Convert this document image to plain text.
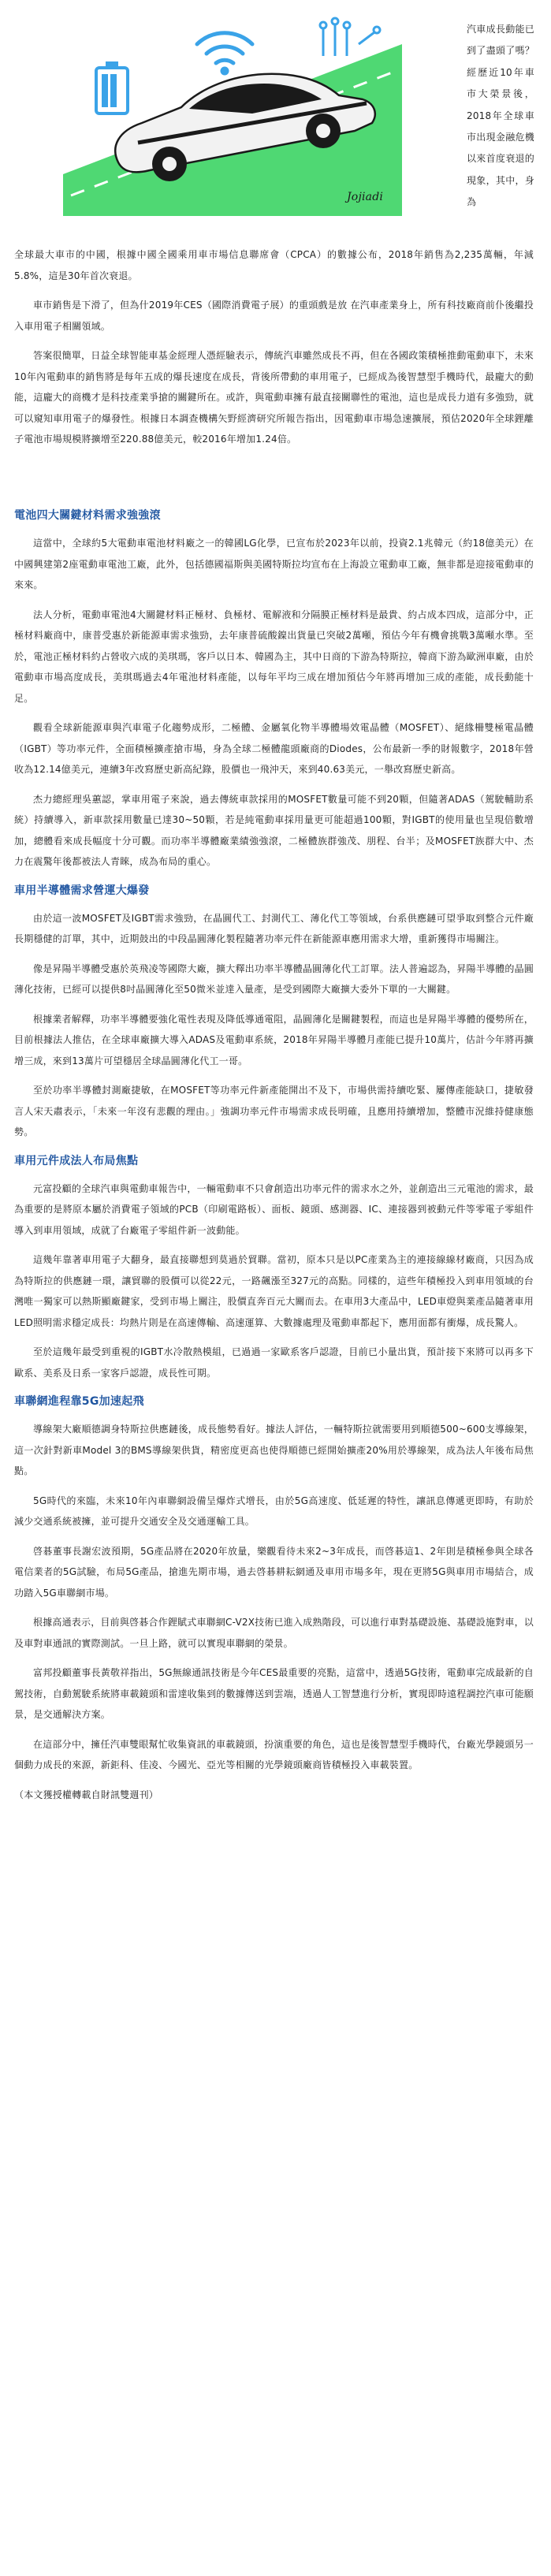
Jojiadi

汽車成長動能已到了盡頭了嗎？經歷近10年車市大榮景後，2018年全球車市出現金融危機以來首度衰退的現象，其中，身為

全球最大車市的中國，根據中國全國乘用車市場信息聯席會（CPCA）的數據公布，2018年銷售為2,235萬輛，年減5.8%，這是30年首次衰退。

車市銷售是下滑了，但為什2019年CES（國際消費電子展）的重頭戲是放 在汽車產業身上，所有科技廠商前仆後繼投入車用電子相關領域。

答案很簡單，日益全球智能車基金經理人憑經驗表示，傳統汽車雖然成長不再，但在各國政策積極推動電動車下，未來10年內電動車的銷售將是每年五成的爆長速度在成長，背後所帶動的車用電子，已經成為後智慧型手機時代，最龐大的動能，這龐大的商機才是科技產業爭搶的關鍵所在。或許，與電動車擁有最直接關聯性的電池，這也是成長力道有多強勁，就可以窺知車用電子的爆發性。根據日本調查機構矢野經濟研究所報告指出，因電動車市場急速擴展，預估2020年全球鋰離子電池市場規模將擴增至220.88億美元，較2016年增加1.24倍。

電池四大關鍵材料需求強強滾

這當中，全球約5大電動車電池材料廠之一的韓國LG化學，已宣布於2023年以前，投資2.1兆韓元（約18億美元）在中國興建第2座電動車電池工廠，此外，包括德國福斯與美國特斯拉均宣布在上海設立電動車工廠，無非都是迎接電動車的來來。

法人分析，電動車電池4大關鍵材料正極材、負極材、電解液和分隔膜正極材料是最貴、約占成本四成，這部分中，正極材料廠商中，康普受惠於新能源車需求強勁，去年康普硫酸鎳出貨量已突破2萬噸，預估今年有機會挑戰3萬噸水準。至於，電池正極材料約占營收六成的美琪瑪，客戶以日本、韓國為主，其中日商的下游為特斯拉，韓商下游為歐洲車廠，由於電動車市場高度成長，美琪瑪過去4年電池材料產能，以每年平均三成在增加預估今年將再增加三成的產能，成長動能十足。

觀看全球新能源車與汽車電子化趨勢成形，二極體、金屬氧化物半導體場效電晶體（MOSFET）、絕緣柵雙極電晶體（IGBT）等功率元件，全面積極擴產搶市場，身為全球二極體龍頭廠商的Diodes，公布最新一季的財報數字，2018年營收為12.14億美元，連續3年改寫歷史新高紀錄，股價也一飛沖天，來到40.63美元，一舉改寫歷史新高。

杰力總經理吳蕙認，掌車用電子來說，過去傳統車款採用的MOSFET數量可能不到20顆，但隨著ADAS（駕駛輔助系統）持續導入，新車款採用數量已達30~50顆，若是純電動車採用量更可能超過100顆，對IGBT的使用量也呈現倍數增加，總體看來成長幅度十分可觀。而功率半導體廠業績強強滾，二極體族群強茂、朋程、台半；及MOSFET族群大中、杰力在震驚年後都被法人青睞，成為布局的重心。

車用半導體需求營運大爆發

由於這一波MOSFET及IGBT需求強勁，在晶圓代工、封測代工、薄化代工等領域，台系供應鏈可望爭取到整合元件廠長期穩健的訂單，其中，近期鼓出的中段晶圓薄化製程隨著功率元件在新能源車應用需求大增，重新獲得市場關注。

像是昇陽半導體受惠於英飛凌等國際大廠，擴大釋出功率半導體晶圓薄化代工訂單。法人普遍認為，昇陽半導體的晶圓薄化技術，已經可以提供8吋晶圓薄化至50微米並達入量產，是受到國際大廠擴大委外下單的一大關鍵。

根據業者解釋，功率半導體要強化電性表現及降低導通電阻，晶圓薄化是關鍵製程，而這也是昇陽半導體的優勢所在，目前根據法人推估，在全球車廠擴大導入ADAS及電動車系統，2018年昇陽半導體月產能已提升10萬片，估計今年將再擴增三成，來到13萬片可望穩居全球晶圓薄化代工一哥。

至於功率半導體封測廠捷敏，在MOSFET等功率元件新產能開出不及下，市場供需持續吃緊、屢傳產能缺口，捷敏發言人宋天肅表示，「未來一年沒有悲觀的理由。」強調功率元件市場需求成長明確，且應用持續增加，整體市況維持健康態勢。

車用元件成法人布局焦點

元富投顧的全球汽車與電動車報告中，一輛電動車不只會創造出功率元件的需求水之外，並創造出三元電池的需求，最為重要的是將原本屬於消費電子領域的PCB（印刷電路板）、面板、鏡頭、感測器、IC、連接器到被動元件等零電子零組件導入到車用領域，成就了台廠電子零組件新一波動能。

這幾年靠著車用電子大翻身，最直接聯想到莫過於貿聯。當初，原本只是以PC產業為主的連接線線材廠商，只因為成為特斯拉的供應鏈一環，讓貿聯的股價可以從22元，一路飆漲至327元的高點。同樣的，這些年積極投入到車用領域的台灣唯一獨家可以熱斯顯廠鍵家，受到市場上關注，股價直奔百元大關而去。在車用3大產品中，LED車燈與業產品隨著車用LED照明需求穩定成長：均熱片則是在高速傳輸、高速運算、大數據處理及電動車都起下，應用面都有衝爆，成長驚人。

至於這幾年最受到重視的IGBT水冷散熱模組，已過過一家歐系客戶認證，目前已小量出貨，預計接下來將可以再多下歐系、美系及日系一家客戶認證，成長性可期。

車聯網進程靠5G加速起飛

導線架大廠順德調身特斯拉供應鏈後，成長態勢看好。據法人評估，一輛特斯拉就需要用到順德500~600支導線架，這一次針對新車Model 3的BMS導線架供貨，精密度更高也使得順德已經開始擴產20%用於導線架，成為法人年後布局焦點。

5G時代的來臨，未來10年內車聯網設備呈爆炸式增長，由於5G高速度、低延遲的特性，讓訊息傳遞更即時，有助於減少交通系統被擁，並可提升交通安全及交通運輸工具。

啓碁董事長謝宏波預期，5G產品將在2020年放量，樂觀看待未來2~3年成長，而啓碁這1、2年則是積極參與全球各電信業者的5G試驗，布局5G產品，搶進先期市場，過去啓碁耕耘網通及車用市場多年，現在更將5G與車用市場結合，成功踏入5G車聯網市場。

根據高通表示，目前與啓碁合作鋰賦式車聯網C-V2X技術已進入成熟階段，可以進行車對基礎設施、基礎設施對車，以及車對車通訊的實際測試。一旦上路，就可以實現車聯網的榮景。

富邦投顧董事長黃敬祥指出，5G無線通訊技術是今年CES最重要的亮點，這當中，透過5G技術，電動車完成最新的自駕技術，自動駕駛系統將車載鏡頭和雷達收集到的數據傳送到雲端，透過人工智慧進行分析，實現即時遠程調控汽車可能願景，是交通解決方案。

在這部分中，擁任汽車雙眼幫忙收集資訊的車載鏡頭，扮演重要的角色，這也是後智慧型手機時代，台廠光學鏡頭另一個動力成長的來源，新鉅科、佳凌、今國光、亞光等相關的光學鏡頭廠商皆積極投入車載裝置。

（本文獲授權轉載自財訊雙週刊）
